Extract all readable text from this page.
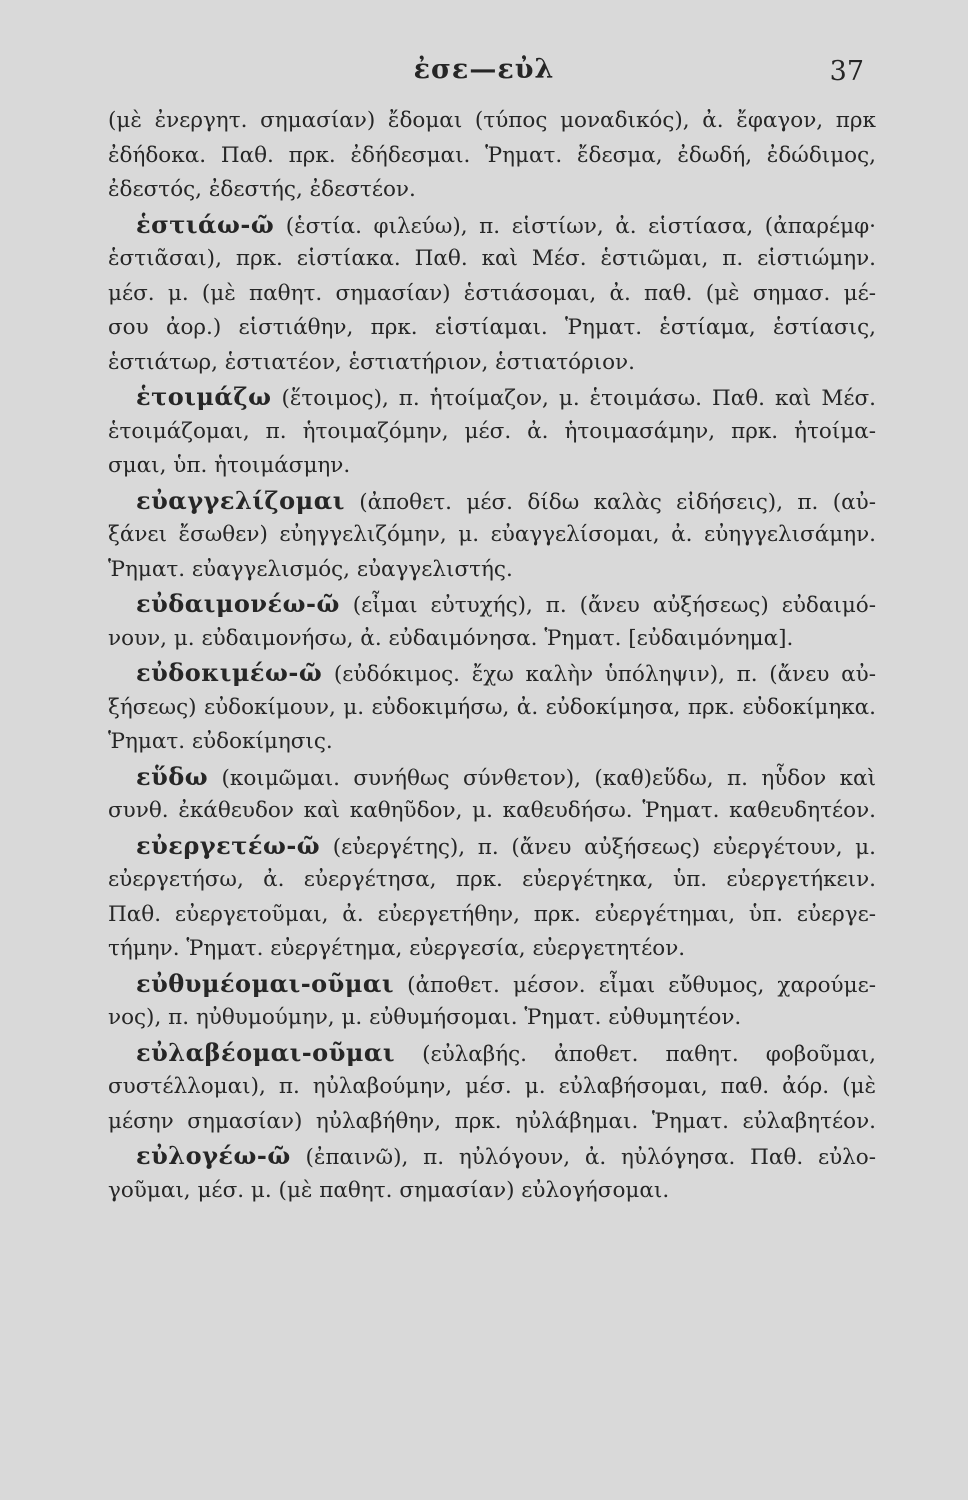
ἐσε—εὐλ	37
(μὲ ἐνεργητ. σημασίαν) ἔδομαι (τύπος μοναδικός), ἀ. ἔφαγον, πρκ
ἐδήδοκα. Παθ. πρκ. ἐδήδεσμαι. Ῥηματ. ἔδεσμα, ἐδωδή, ἐδώδιμος,
ἐδεστός, ἐδεστής, ἐδεστέον.
ἑστιάω-ῶ (ἑστία. φιλεύω), π. εἱστίων, ἀ. εἱστίασα, (ἀπαρέμφ·
ἑστιᾶσαι), πρκ. εἱστίακα. Παθ. καὶ Μέσ. ἑστιῶμαι, π. εἱστιώμην.
μέσ. μ. (μὲ παθητ. σημασίαν) ἑστιάσομαι, ἀ. παθ. (μὲ σημασ. μέ-
σου ἀορ.) εἱστιάθην, πρκ. εἱστίαμαι. Ῥηματ. ἑστίαμα, ἑστίασις,
ἑστιάτωρ, ἑστιατέον, ἑστιατήριον, ἑστιατόριον.
ἑτοιμάζω (ἕτοιμος), π. ἡτοίμαζον, μ. ἑτοιμάσω. Παθ. καὶ Μέσ.
ἑτοιμάζομαι, π. ἡτοιμαζόμην, μέσ. ἀ. ἡτοιμασάμην, πρκ. ἡτοίμα-
σμαι, ὑπ. ἡτοιμάσμην.
εὐαγγελίζομαι (ἀποθετ. μέσ. δίδω καλὰς εἰδήσεις), π. (αὐ-
ξάνει ἔσωθεν) εὐηγγελιζόμην, μ. εὐαγγελίσομαι, ἀ. εὐηγγελισάμην.
Ῥηματ. εὐαγγελισμός, εὐαγγελιστής.
εὐδαιμονέω-ῶ (εἶμαι εὐτυχής), π. (ἄνευ αὐξήσεως) εὐδαιμό-
νουν, μ. εὐδαιμονήσω, ἀ. εὐδαιμόνησα. Ῥηματ. [εὐδαιμόνημα].
εὐδοκιμέω-ῶ (εὐδόκιμος. ἔχω καλὴν ὑπόληψιν), π. (ἄνευ αὐ-
ξήσεως) εὐδοκίμουν, μ. εὐδοκιμήσω, ἀ. εὐδοκίμησα, πρκ. εὐδοκίμηκα.
Ῥηματ. εὐδοκίμησις.
εὕδω (κοιμῶμαι. συνήθως σύνθετον), (καθ)εὕδω, π. ηὗδον καὶ
συνθ. ἐκάθευδον καὶ καθηῦδον, μ. καθευδήσω. Ῥηματ. καθευδητέον.
εὐεργετέω-ῶ (εὐεργέτης), π. (ἄνευ αὐξήσεως) εὐεργέτουν, μ.
εὐεργετήσω, ἀ. εὐεργέτησα, πρκ. εὐεργέτηκα, ὑπ. εὐεργετήκειν.
Παθ. εὐεργετοῦμαι, ἀ. εὐεργετήθην, πρκ. εὐεργέτημαι, ὑπ. εὐεργε-
τήμην. Ῥηματ. εὐεργέτημα, εὐεργεσία, εὐεργετητέον.
εὐθυμέομαι-οῦμαι (ἀποθετ. μέσον. εἶμαι εὔθυμος, χαρούμε-
νος), π. ηὐθυμούμην, μ. εὐθυμήσομαι. Ῥηματ. εὐθυμητέον.
εὐλαβέομαι-οῦμαι (εὐλαβής. ἀποθετ. παθητ. φοβοῦμαι,
συστέλλομαι), π. ηὐλαβούμην, μέσ. μ. εὐλαβήσομαι, παθ. ἀόρ. (μὲ
μέσην σημασίαν) ηὐλαβήθην, πρκ. ηὐλάβημαι. Ῥηματ. εὐλαβητέον.
εὐλογέω-ῶ (ἐπαινῶ), π. ηὐλόγουν, ἀ. ηὐλόγησα. Παθ. εὐλο-
γοῦμαι, μέσ. μ. (μὲ παθητ. σημασίαν) εὐλογήσομαι.
